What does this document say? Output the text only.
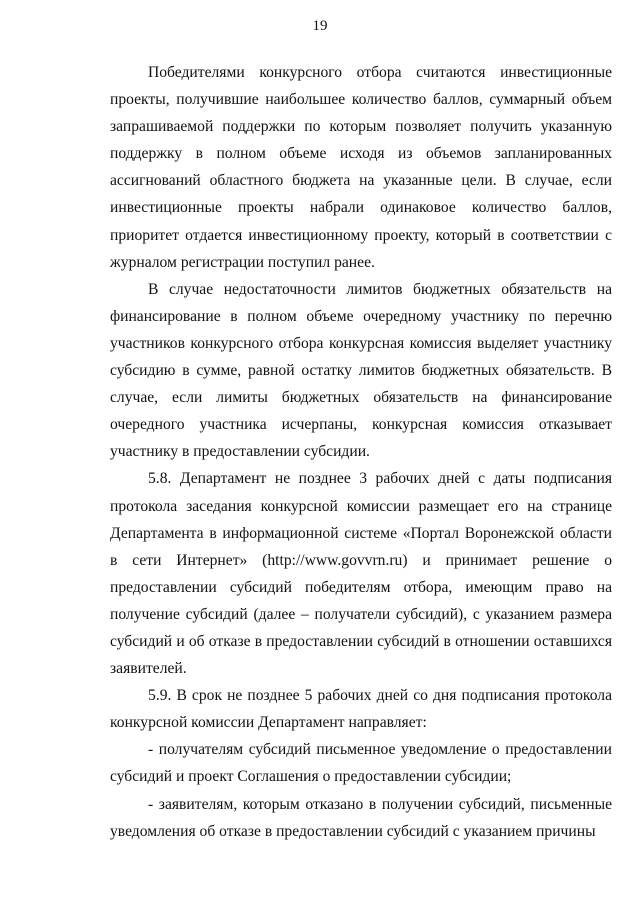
19

Победителями конкурсного отбора считаются инвестиционные проекты, получившие наибольшее количество баллов, суммарный объем запрашиваемой поддержки по которым позволяет получить указанную поддержку в полном объеме исходя из объемов запланированных ассигнований областного бюджета на указанные цели. В случае, если инвестиционные проекты набрали одинаковое количество баллов, приоритет отдается инвестиционному проекту, который в соответствии с журналом регистрации поступил ранее.

В случае недостаточности лимитов бюджетных обязательств на финансирование в полном объеме очередному участнику по перечню участников конкурсного отбора конкурсная комиссия выделяет участнику субсидию в сумме, равной остатку лимитов бюджетных обязательств. В случае, если лимиты бюджетных обязательств на финансирование очередного участника исчерпаны, конкурсная комиссия отказывает участнику в предоставлении субсидии.

5.8. Департамент не позднее 3 рабочих дней с даты подписания протокола заседания конкурсной комиссии размещает его на странице Департамента в информационной системе «Портал Воронежской области в сети Интернет» (http://www.govvrn.ru) и принимает решение о предоставлении субсидий победителям отбора, имеющим право на получение субсидий (далее – получатели субсидий), с указанием размера субсидий и об отказе в предоставлении субсидий в отношении оставшихся заявителей.

5.9. В срок не позднее 5 рабочих дней со дня подписания протокола конкурсной комиссии Департамент направляет:

- получателям субсидий письменное уведомление о предоставлении субсидий и проект Соглашения о предоставлении субсидии;

- заявителям, которым отказано в получении субсидий, письменные уведомления об отказе в предоставлении субсидий с указанием причины
